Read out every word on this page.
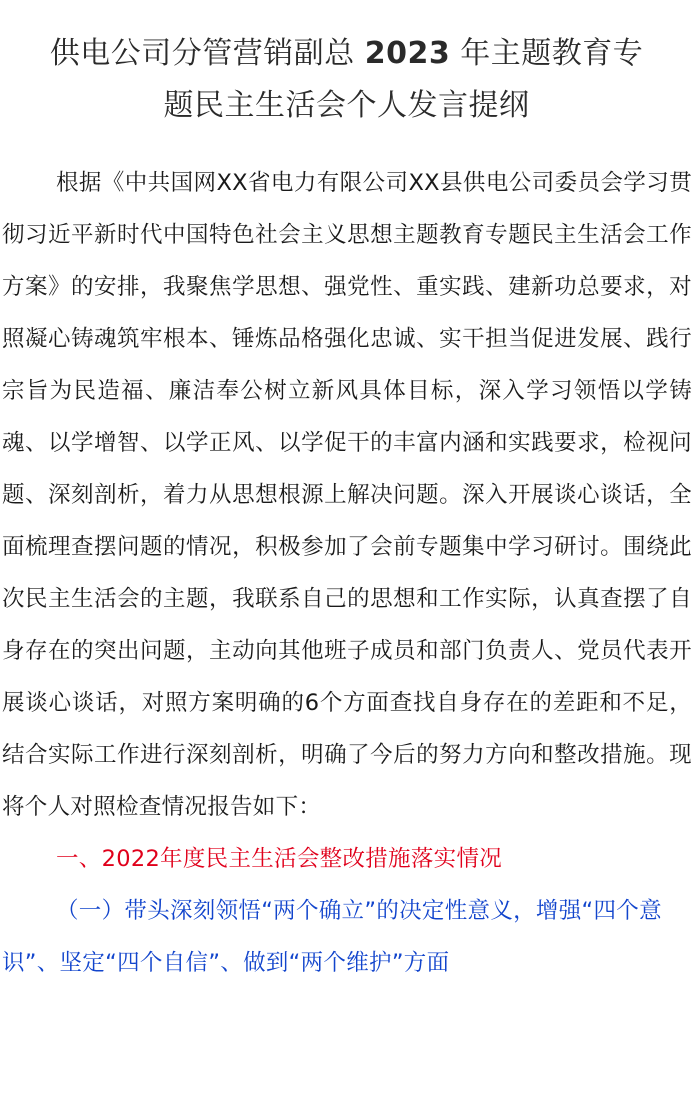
供电公司分管营销副总 2023 年主题教育专
题民主生活会个人发言提纲

根据《中共国网XX省电力有限公司XX县供电公司委员会学习贯彻习近平新时代中国特色社会主义思想主题教育专题民主生活会工作方案》的安排，我聚焦学思想、强党性、重实践、建新功总要求，对照凝心铸魂筑牢根本、锤炼品格强化忠诚、实干担当促进发展、践行宗旨为民造福、廉洁奉公树立新风具体目标，深入学习领悟以学铸魂、以学增智、以学正风、以学促干的丰富内涵和实践要求，检视问题、深刻剖析，着力从思想根源上解决问题。深入开展谈心谈话，全面梳理查摆问题的情况，积极参加了会前专题集中学习研讨。围绕此次民主生活会的主题，我联系自己的思想和工作实际，认真查摆了自身存在的突出问题，主动向其他班子成员和部门负责人、党员代表开展谈心谈话，对照方案明确的6个方面查找自身存在的差距和不足，结合实际工作进行深刻剖析，明确了今后的努力方向和整改措施。现将个人对照检查情况报告如下：

一、2022年度民主生活会整改措施落实情况

（一）带头深刻领悟“两个确立”的决定性意义，增强“四个意识”、坚定“四个自信”、做到“两个维护”方面
